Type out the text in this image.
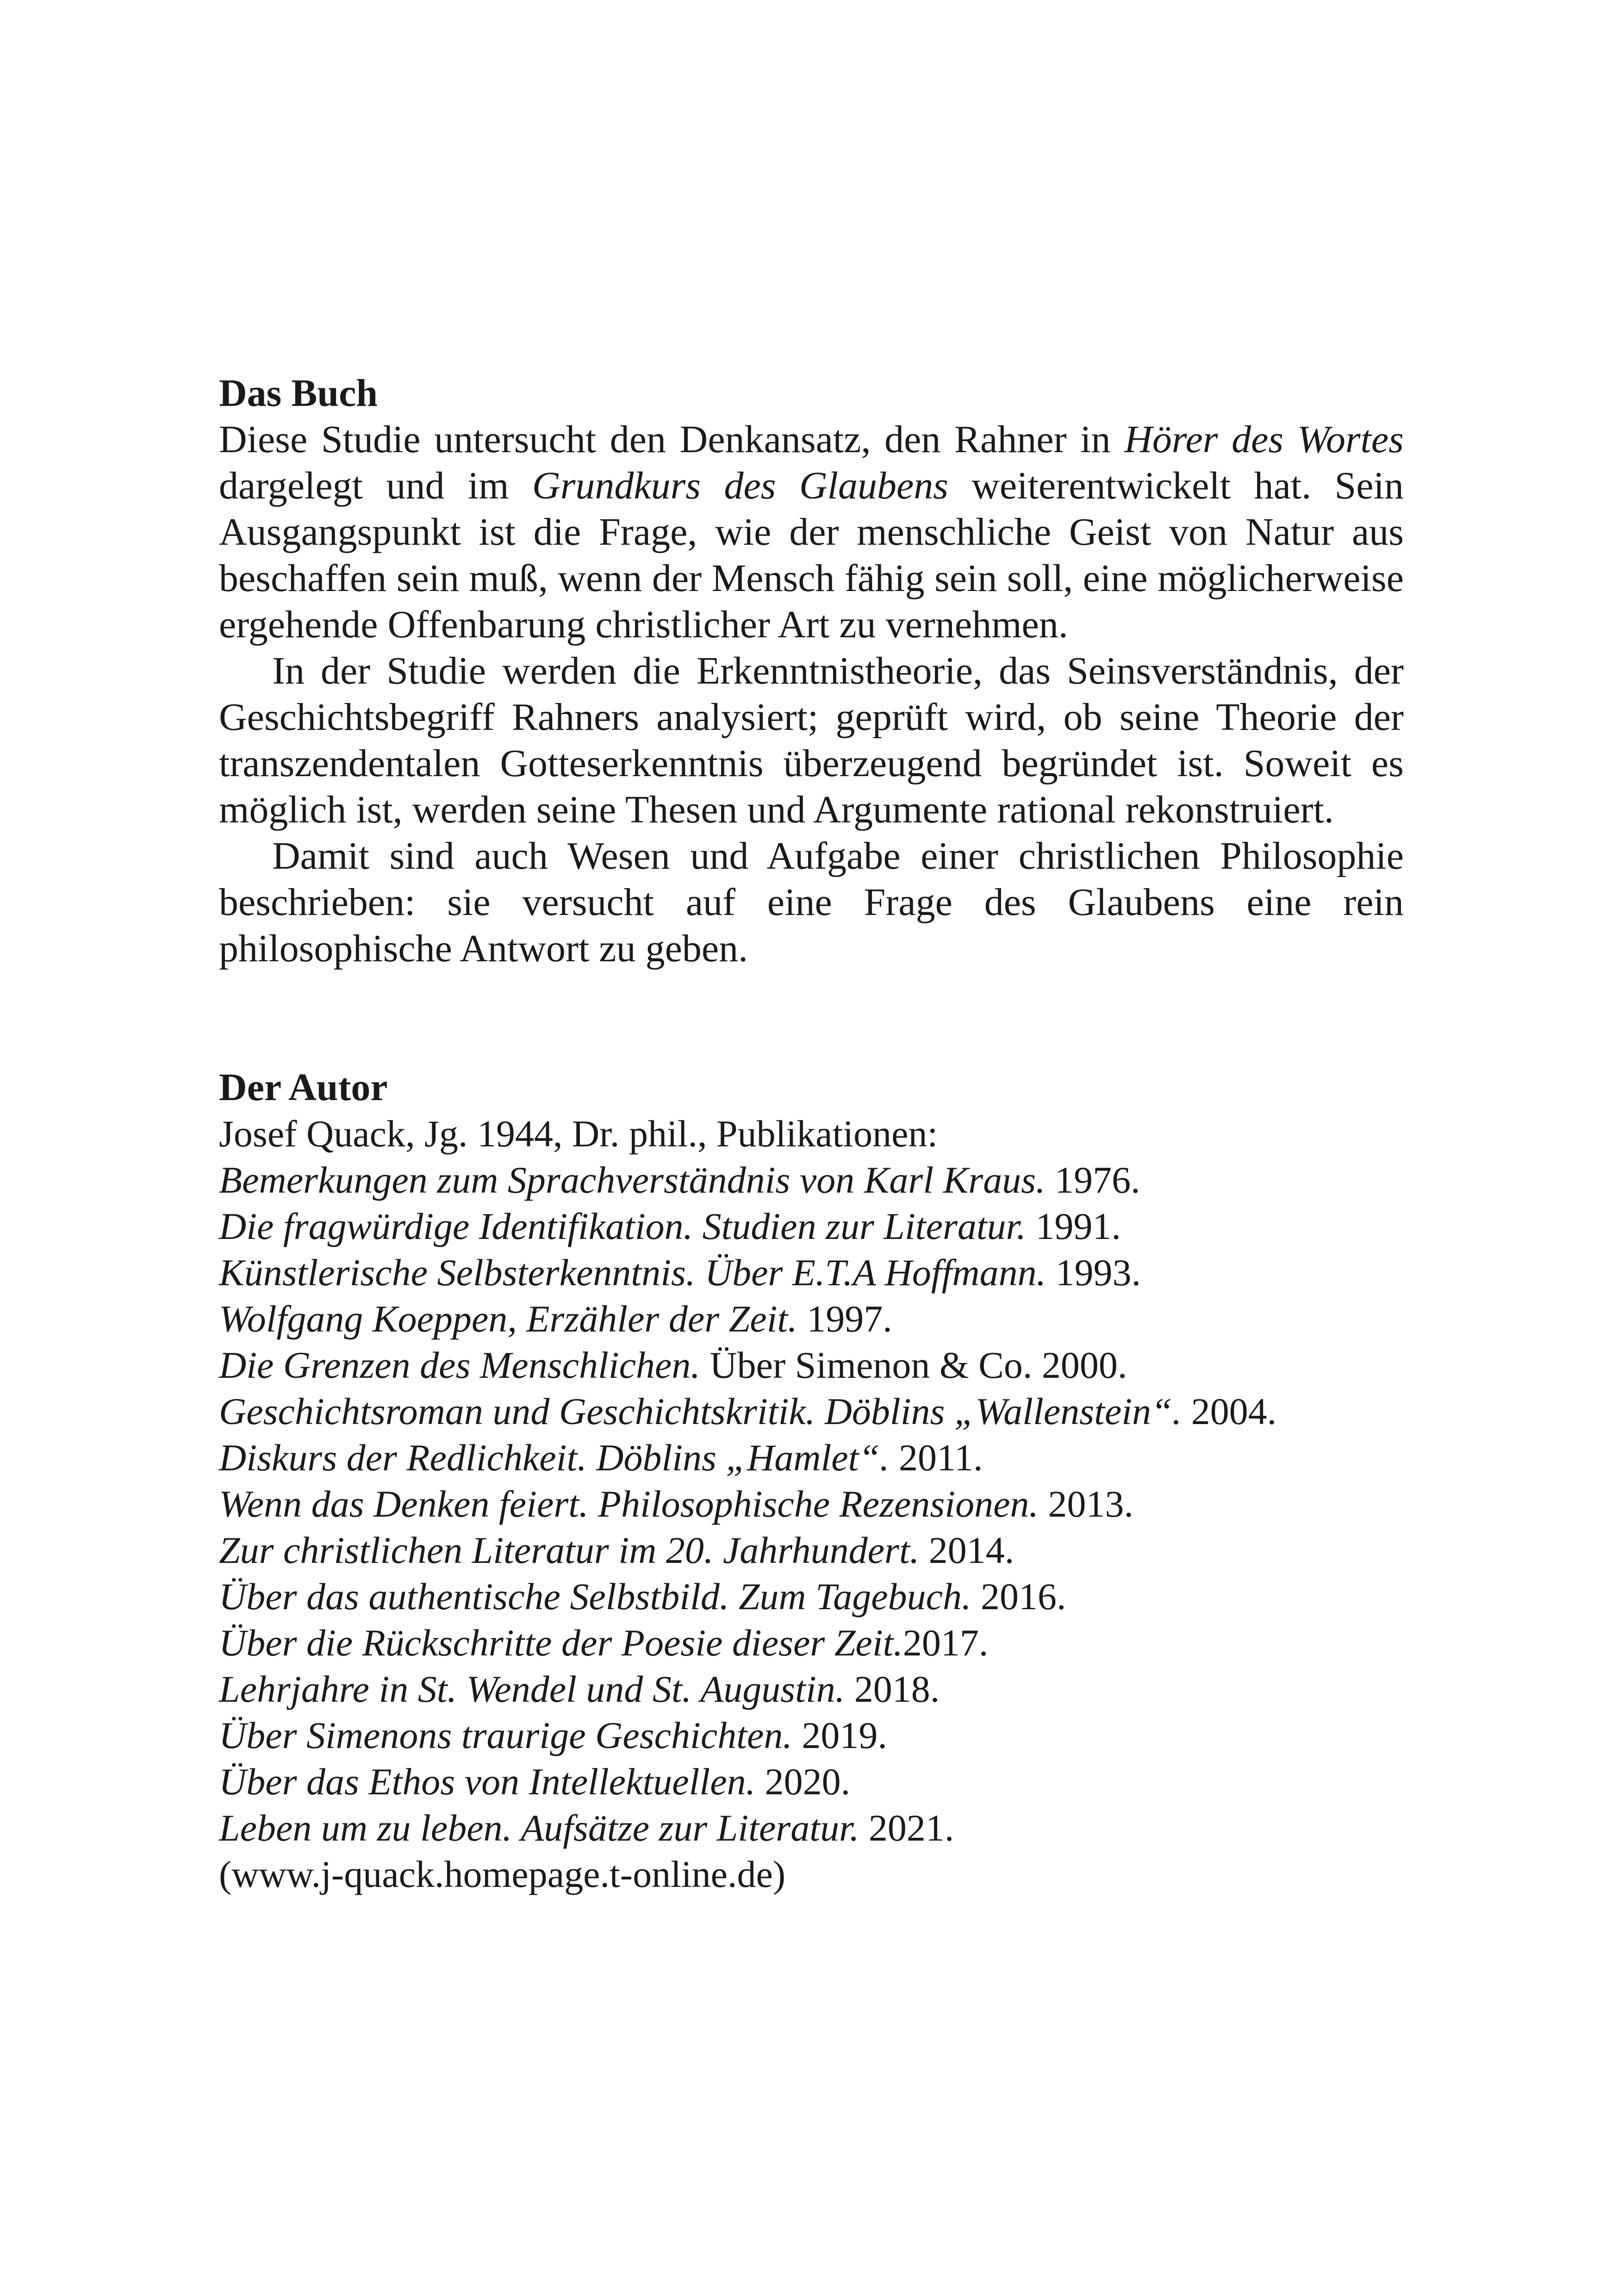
Das Buch

Diese Studie untersucht den Denkansatz, den Rahner in Hörer des Wortes dargelegt und im Grundkurs des Glaubens weiterentwickelt hat. Sein Ausgangspunkt ist die Frage, wie der menschliche Geist von Natur aus beschaffen sein muß, wenn der Mensch fähig sein soll, eine möglicherweise ergehende Offenbarung christlicher Art zu vernehmen.

In der Studie werden die Erkenntnistheorie, das Seinsverständnis, der Geschichtsbegriff Rahners analysiert; geprüft wird, ob seine Theorie der transzendentalen Gotteserkenntnis überzeugend begründet ist. Soweit es möglich ist, werden seine Thesen und Argumente rational rekonstruiert.

Damit sind auch Wesen und Aufgabe einer christlichen Philosophie beschrieben: sie versucht auf eine Frage des Glaubens eine rein philosophische Antwort zu geben.

Der Autor

Josef Quack, Jg. 1944, Dr. phil., Publikationen:

Bemerkungen zum Sprachverständnis von Karl Kraus. 1976.
Die fragwürdige Identifikation. Studien zur Literatur. 1991.
Künstlerische Selbsterkenntnis. Über E.T.A Hoffmann. 1993.
Wolfgang Koeppen, Erzähler der Zeit. 1997.
Die Grenzen des Menschlichen. Über Simenon & Co. 2000.
Geschichtsroman und Geschichtskritik. Döblins „Wallenstein“. 2004.
Diskurs der Redlichkeit. Döblins „Hamlet“. 2011.
Wenn das Denken feiert. Philosophische Rezensionen. 2013.
Zur christlichen Literatur im 20. Jahrhundert. 2014.
Über das authentische Selbstbild. Zum Tagebuch. 2016.
Über die Rückschritte der Poesie dieser Zeit.2017.
Lehrjahre in St. Wendel und St. Augustin. 2018.
Über Simenons traurige Geschichten. 2019.
Über das Ethos von Intellektuellen. 2020.
Leben um zu leben. Aufsätze zur Literatur. 2021.

(www.j-quack.homepage.t-online.de)
